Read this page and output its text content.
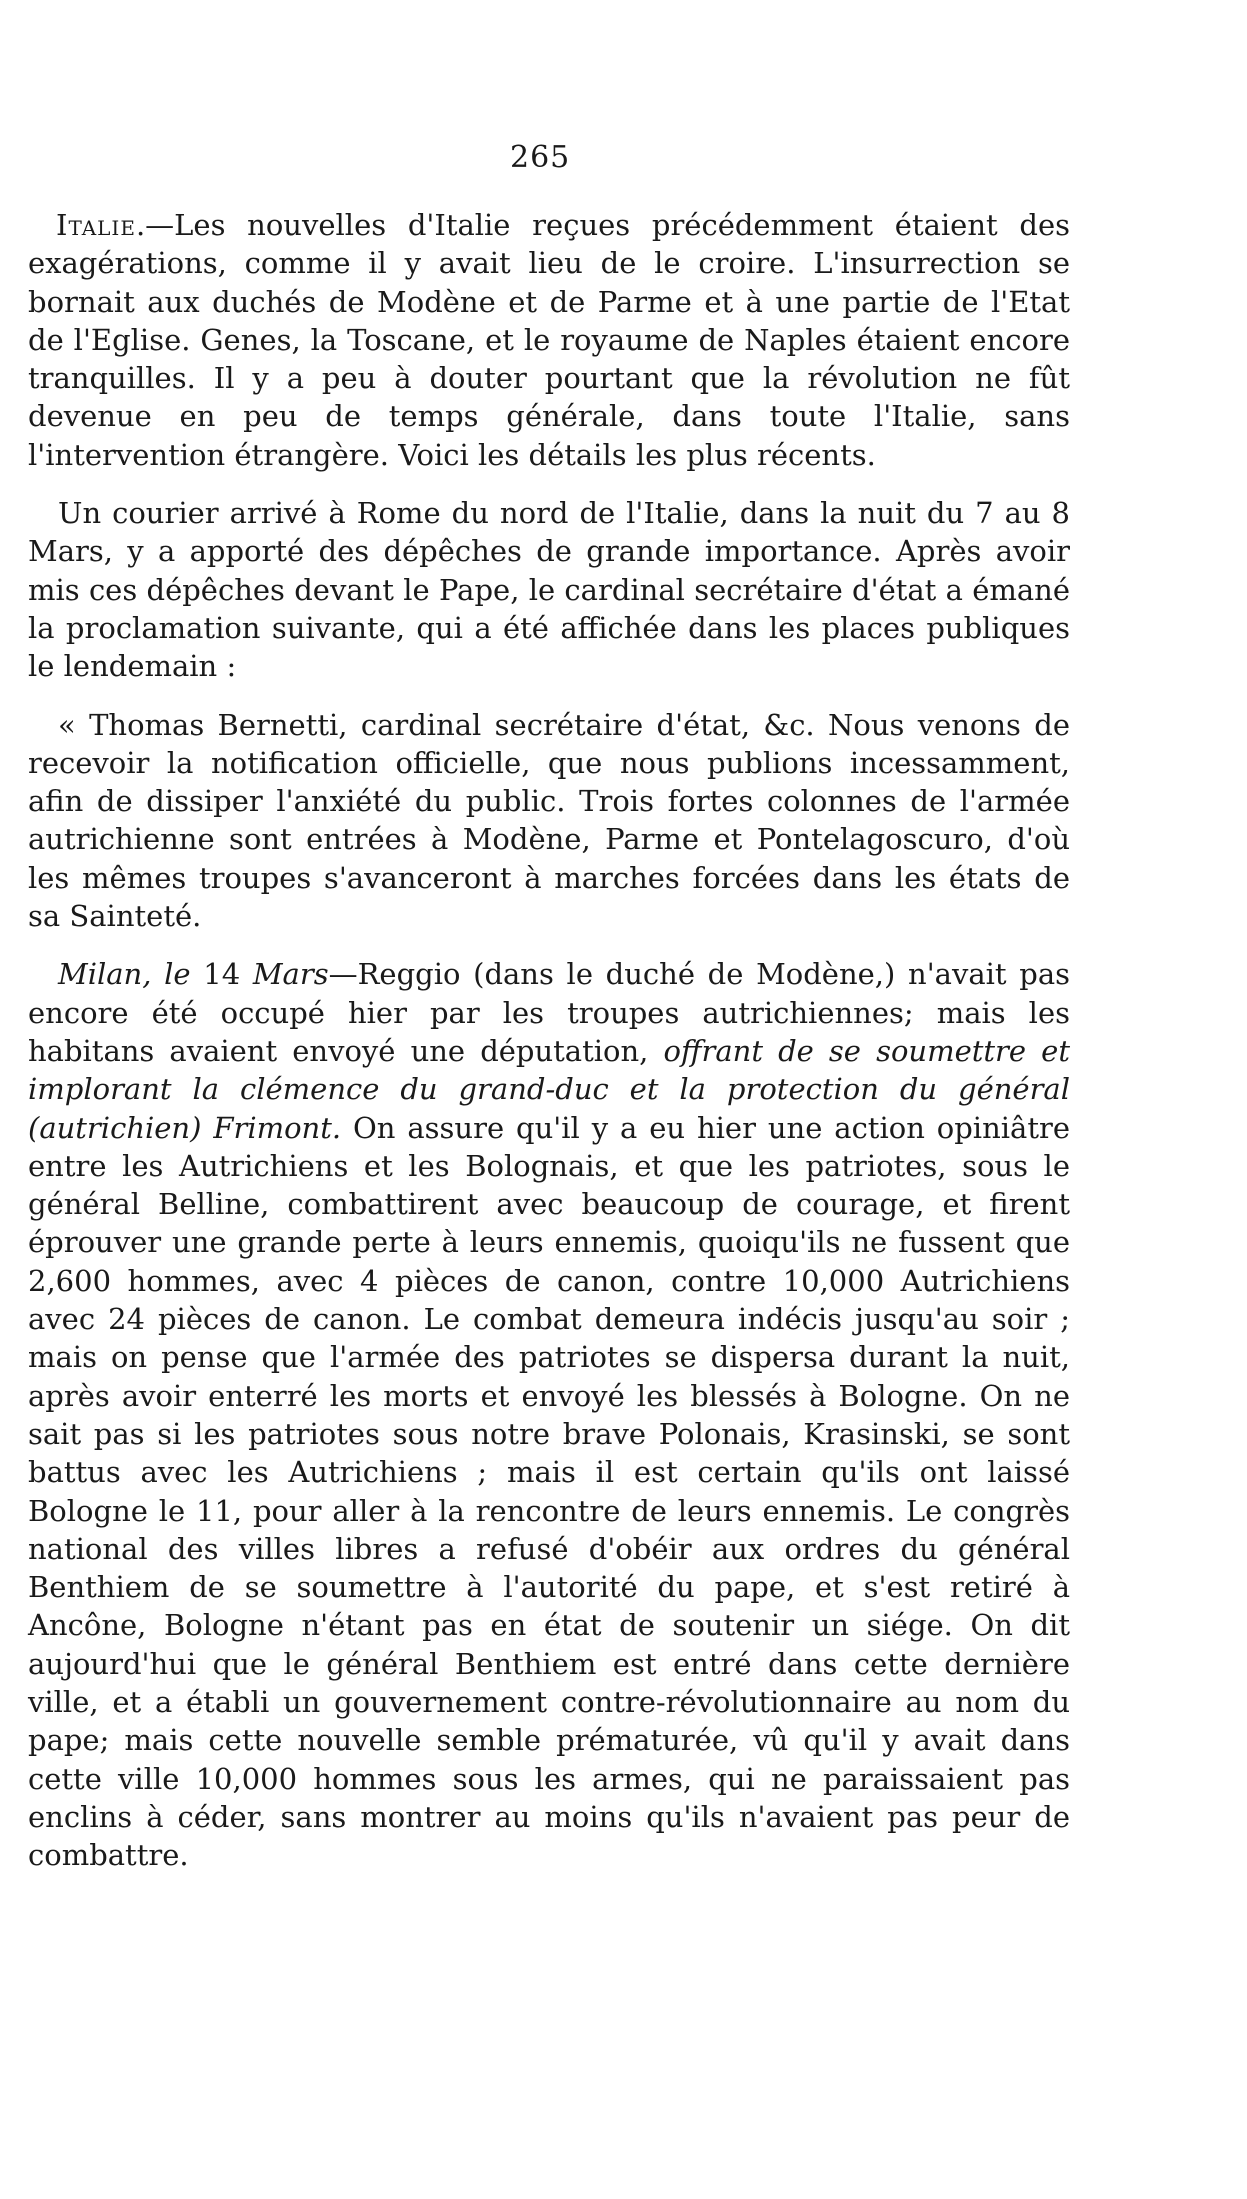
265

Italie.—Les nouvelles d'Italie reçues précédemment étaient des exagérations, comme il y avait lieu de le croire. L'insurrection se bornait aux duchés de Modène et de Parme et à une partie de l'Etat de l'Eglise. Genes, la Toscane, et le royaume de Naples étaient encore tranquilles. Il y a peu à douter pourtant que la révolution ne fût devenue en peu de temps générale, dans toute l'Italie, sans l'intervention étrangère. Voici les détails les plus récents.

Un courier arrivé à Rome du nord de l'Italie, dans la nuit du 7 au 8 Mars, y a apporté des dépêches de grande importance. Après avoir mis ces dépêches devant le Pape, le cardinal secrétaire d'état a émané la proclamation suivante, qui a été affichée dans les places publiques le lendemain :

« Thomas Bernetti, cardinal secrétaire d'état, &c. Nous venons de recevoir la notification officielle, que nous publions incessamment, afin de dissiper l'anxiété du public. Trois fortes colonnes de l'armée autrichienne sont entrées à Modène, Parme et Pontelagoscuro, d'où les mêmes troupes s'avanceront à marches forcées dans les états de sa Sainteté.

Milan, le 14 Mars—Reggio (dans le duché de Modène,) n'avait pas encore été occupé hier par les troupes autrichiennes; mais les habitans avaient envoyé une députation, offrant de se soumettre et implorant la clémence du grand-duc et la protection du général (autrichien) Frimont. On assure qu'il y a eu hier une action opiniâtre entre les Autrichiens et les Bolognais, et que les patriotes, sous le général Belline, combattirent avec beaucoup de courage, et firent éprouver une grande perte à leurs ennemis, quoiqu'ils ne fussent que 2,600 hommes, avec 4 pièces de canon, contre 10,000 Autrichiens avec 24 pièces de canon. Le combat demeura indécis jusqu'au soir ; mais on pense que l'armée des patriotes se dispersa durant la nuit, après avoir enterré les morts et envoyé les blessés à Bologne. On ne sait pas si les patriotes sous notre brave Polonais, Krasinski, se sont battus avec les Autrichiens ; mais il est certain qu'ils ont laissé Bologne le 11, pour aller à la rencontre de leurs ennemis. Le congrès national des villes libres a refusé d'obéir aux ordres du général Benthiem de se soumettre à l'autorité du pape, et s'est retiré à Ancône, Bologne n'étant pas en état de soutenir un siége. On dit aujourd'hui que le général Benthiem est entré dans cette dernière ville, et a établi un gouvernement contre-révolutionnaire au nom du pape; mais cette nouvelle semble prématurée, vû qu'il y avait dans cette ville 10,000 hommes sous les armes, qui ne paraissaient pas enclins à céder, sans montrer au moins qu'ils n'avaient pas peur de combattre.
